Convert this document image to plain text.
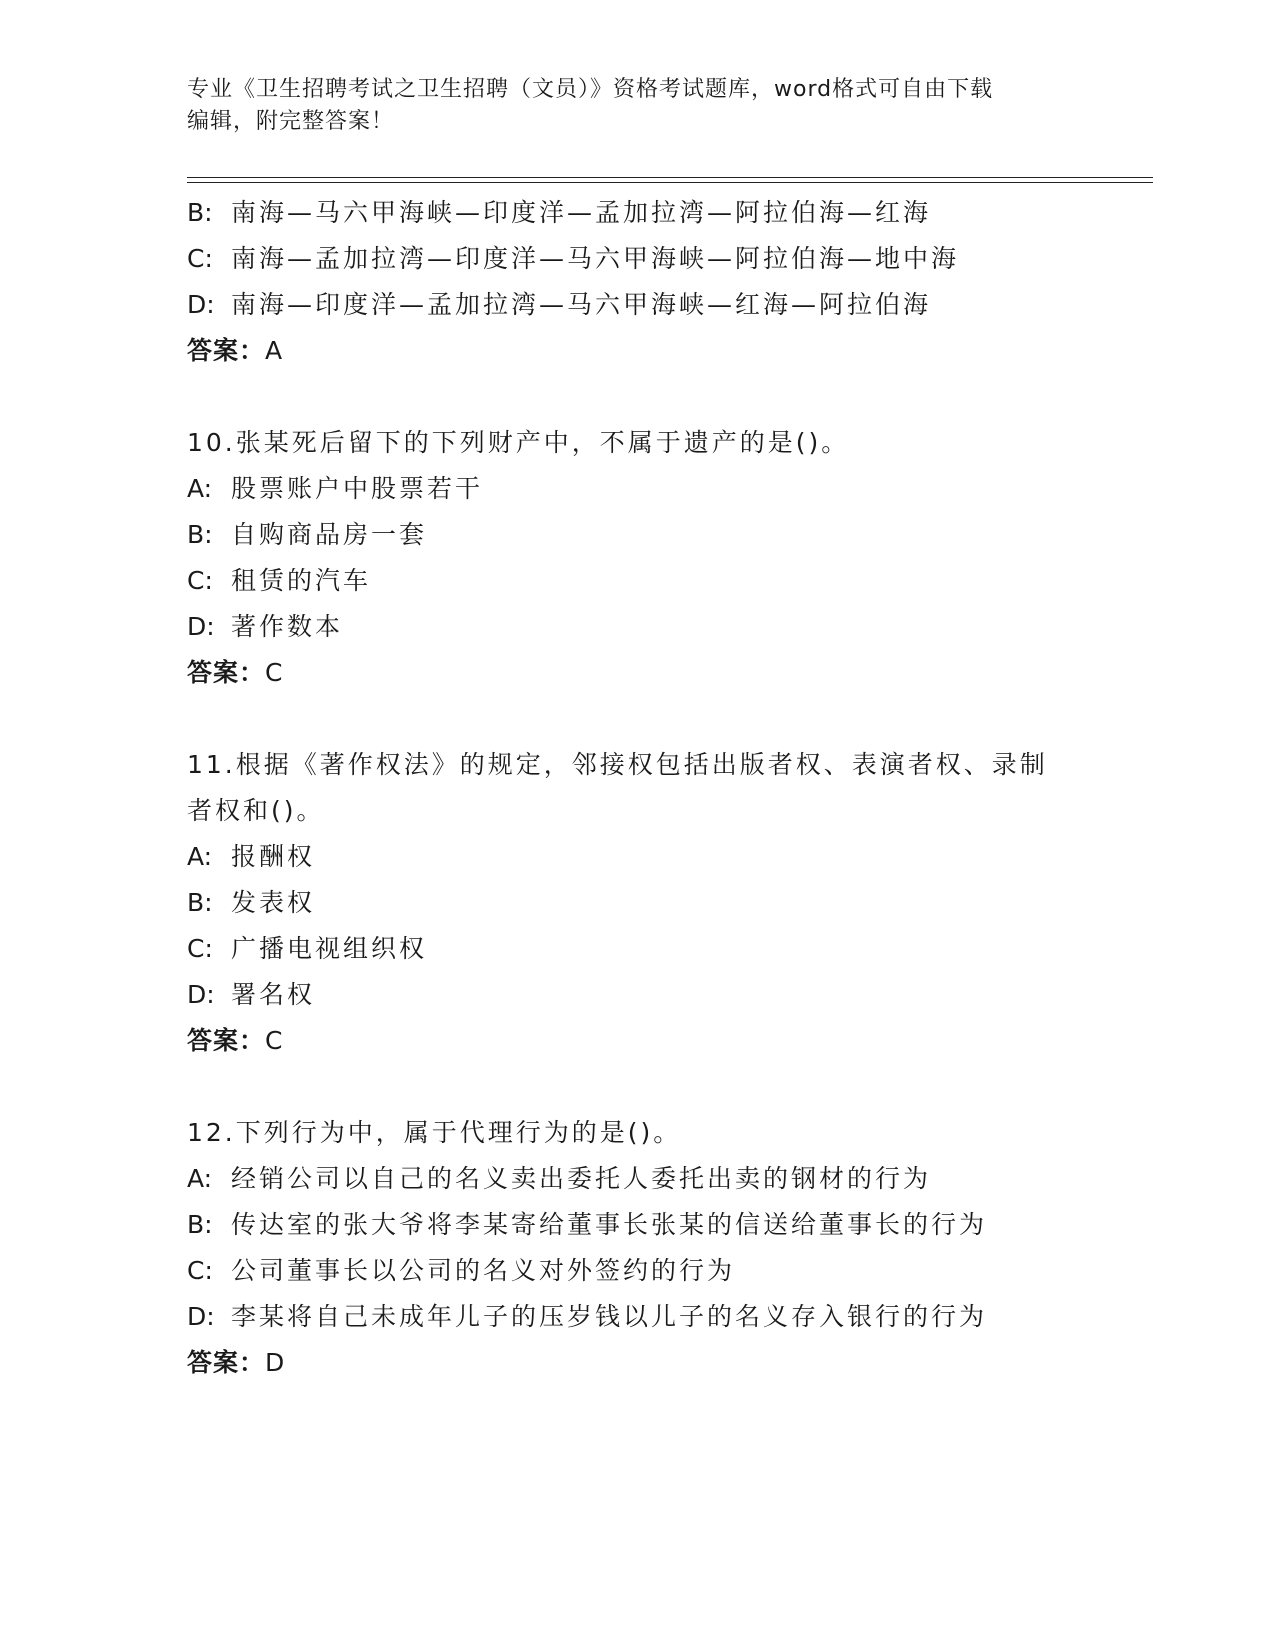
专业《卫生招聘考试之卫生招聘（文员）》资格考试题库，word格式可自由下载
编辑，附完整答案！
B: 南海—马六甲海峡—印度洋—孟加拉湾—阿拉伯海—红海
C: 南海—孟加拉湾—印度洋—马六甲海峡—阿拉伯海—地中海
D: 南海—印度洋—孟加拉湾—马六甲海峡—红海—阿拉伯海
答案：A
10.张某死后留下的下列财产中，不属于遗产的是()。
A: 股票账户中股票若干
B: 自购商品房一套
C: 租赁的汽车
D: 著作数本
答案：C
11.根据《著作权法》的规定，邻接权包括出版者权、表演者权、录制
者权和()。
A: 报酬权
B: 发表权
C: 广播电视组织权
D: 署名权
答案：C
12.下列行为中，属于代理行为的是()。
A: 经销公司以自己的名义卖出委托人委托出卖的钢材的行为
B: 传达室的张大爷将李某寄给董事长张某的信送给董事长的行为
C: 公司董事长以公司的名义对外签约的行为
D: 李某将自己未成年儿子的压岁钱以儿子的名义存入银行的行为
答案：D
